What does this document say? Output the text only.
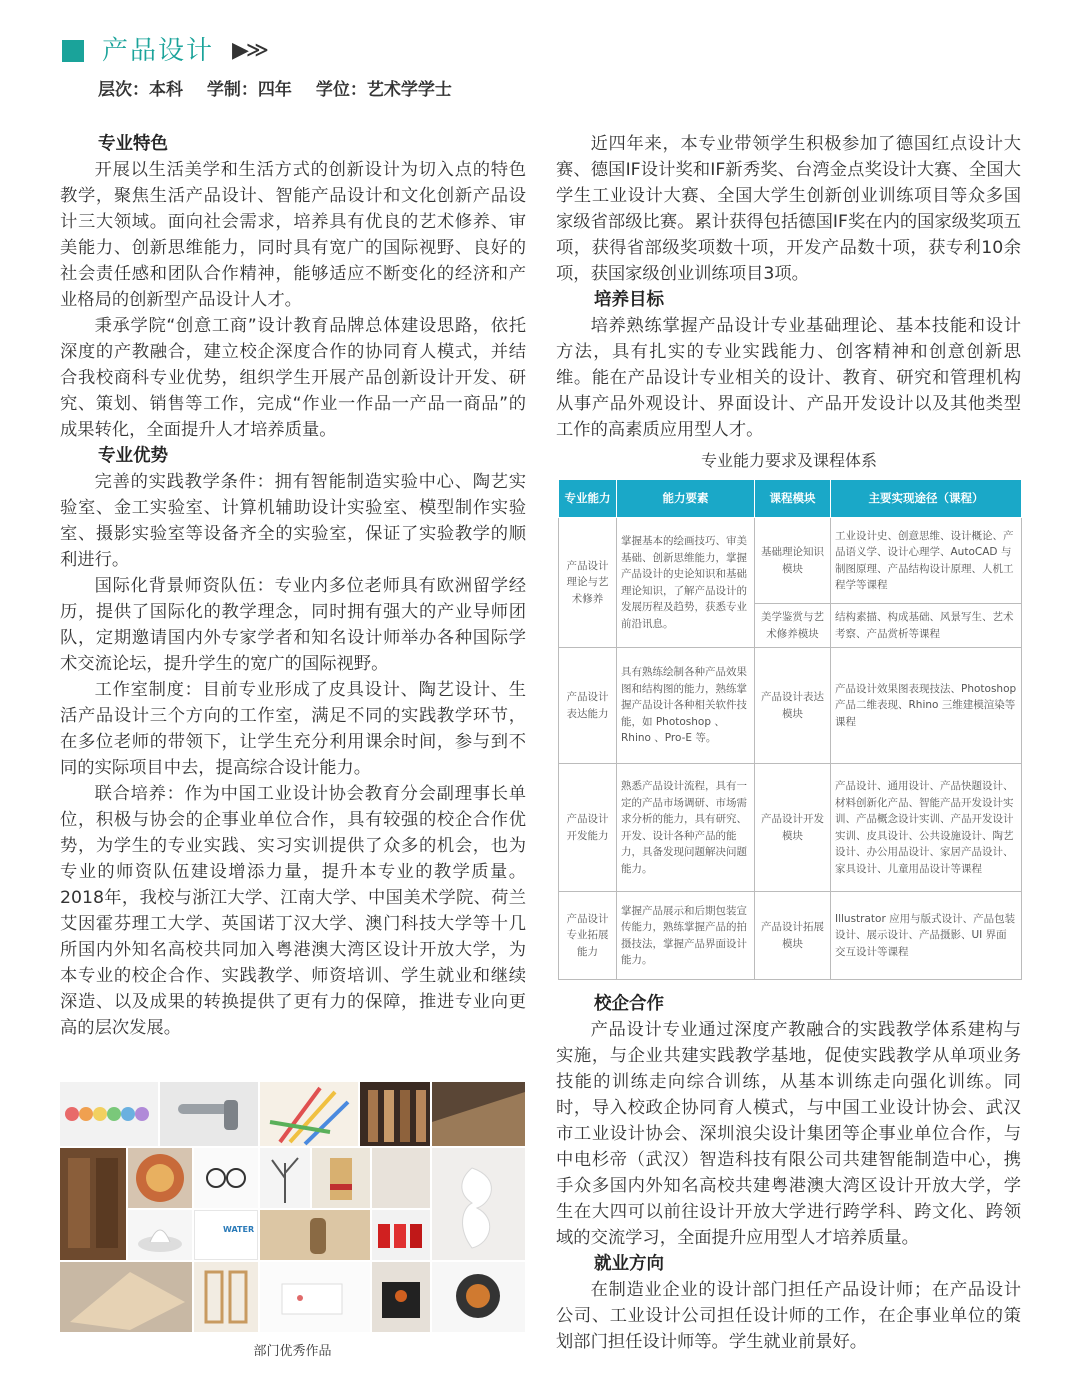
产品设计 ▶≫
层次：本科 学制：四年 学位：艺术学学士
专业特色

开展以生活美学和生活方式的创新设计为切入点的特色教学，聚焦生活产品设计、智能产品设计和文化创新产品设计三大领域。面向社会需求，培养具有优良的艺术修养、审美能力、创新思维能力，同时具有宽广的国际视野、良好的社会责任感和团队合作精神，能够适应不断变化的经济和产业格局的创新型产品设计人才。

秉承学院“创意工商”设计教育品牌总体建设思路，依托深度的产教融合，建立校企深度合作的协同育人模式，并结合我校商科专业优势，组织学生开展产品创新设计开发、研究、策划、销售等工作，完成“作业一作品一产品一商品”的成果转化，全面提升人才培养质量。

专业优势

完善的实践教学条件：拥有智能制造实验中心、陶艺实验室、金工实验室、计算机辅助设计实验室、模型制作实验室、摄影实验室等设备齐全的实验室，保证了实验教学的顺利进行。

国际化背景师资队伍：专业内多位老师具有欧洲留学经历，提供了国际化的教学理念，同时拥有强大的产业导师团队，定期邀请国内外专家学者和知名设计师举办各种国际学术交流论坛，提升学生的宽广的国际视野。

工作室制度：目前专业形成了皮具设计、陶艺设计、生活产品设计三个方向的工作室，满足不同的实践教学环节，在多位老师的带领下，让学生充分利用课余时间，参与到不同的实际项目中去，提高综合设计能力。

联合培养：作为中国工业设计协会教育分会副理事长单位，积极与协会的企事业单位合作，具有较强的校企合作优势，为学生的专业实践、实习实训提供了众多的机会，也为专业的师资队伍建设增添力量，提升本专业的教学质量。2018年，我校与浙江大学、江南大学、中国美术学院、荷兰艾因霍芬理工大学、英国诺丁汉大学、澳门科技大学等十几所国内外知名高校共同加入粤港澳大湾区设计开放大学，为本专业的校企合作、实践教学、师资培训、学生就业和继续深造、以及成果的转换提供了更有力的保障，推进专业向更高的层次发展。

WATER
部门优秀作品

近四年来，本专业带领学生积极参加了德国红点设计大赛、德国IF设计奖和IF新秀奖、台湾金点奖设计大赛、全国大学生工业设计大赛、全国大学生创新创业训练项目等众多国家级省部级比赛。累计获得包括德国IF奖在内的国家级奖项五项，获得省部级奖项数十项，开发产品数十项，获专利10余项，获国家级创业训练项目3项。

培养目标

培养熟练掌握产品设计专业基础理论、基本技能和设计方法，具有扎实的专业实践能力、创客精神和创意创新思维。能在产品设计专业相关的设计、教育、研究和管理机构从事产品外观设计、界面设计、产品开发设计以及其他类型工作的高素质应用型人才。

专业能力要求及课程体系
专业能力	能力要素	课程模块	主要实现途径（课程）
产品设计理论与艺术修养	掌握基本的绘画技巧、审美基础、创新思维能力，掌握产品设计的史论知识和基础理论知识，了解产品设计的发展历程及趋势，获悉专业前沿讯息。	基础理论知识模块	工业设计史、创意思维、设计概论、产品语义学、设计心理学、AutoCAD 与制图原理、产品结构设计原理、人机工程学等课程
		美学鉴赏与艺术修养模块	结构素描、构成基础、风景写生、艺术考察、产品赏析等课程
产品设计表达能力	具有熟练绘制各种产品效果图和结构图的能力，熟练掌握产品设计各种相关软件技能，如 Photoshop 、Rhino 、Pro-E 等。	产品设计表达模块	产品设计效果图表现技法、Photoshop 产品二维表现、Rhino 三维建模渲染等课程
产品设计开发能力	熟悉产品设计流程，具有一定的产品市场调研、市场需求分析的能力，具有研究、开发、设计各种产品的能力，具备发现问题解决问题能力。	产品设计开发模块	产品设计、通用设计、产品快题设计、材料创新化产品、智能产品开发设计实训、产品概念设计实训、产品开发设计实训、皮具设计、公共设施设计、陶艺设计、办公用品设计、家居产品设计、家具设计、儿童用品设计等课程
产品设计专业拓展能力	掌握产品展示和后期包装宣传能力，熟练掌握产品的拍摄技法，掌握产品界面设计能力。	产品设计拓展模块	Illustrator 应用与版式设计、产品包装设计、展示设计、产品摄影、UI 界面交互设计等课程
校企合作

产品设计专业通过深度产教融合的实践教学体系建构与实施，与企业共建实践教学基地，促使实践教学从单项业务技能的训练走向综合训练，从基本训练走向强化训练。同时，导入校政企协同育人模式，与中国工业设计协会、武汉市工业设计协会、深圳浪尖设计集团等企事业单位合作，与中电杉帝（武汉）智造科技有限公司共建智能制造中心，携手众多国内外知名高校共建粤港澳大湾区设计开放大学，学生在大四可以前往设计开放大学进行跨学科、跨文化、跨领域的交流学习，全面提升应用型人才培养质量。

就业方向

在制造业企业的设计部门担任产品设计师；在产品设计公司、工业设计公司担任设计师的工作，在企事业单位的策划部门担任设计师等。学生就业前景好。
